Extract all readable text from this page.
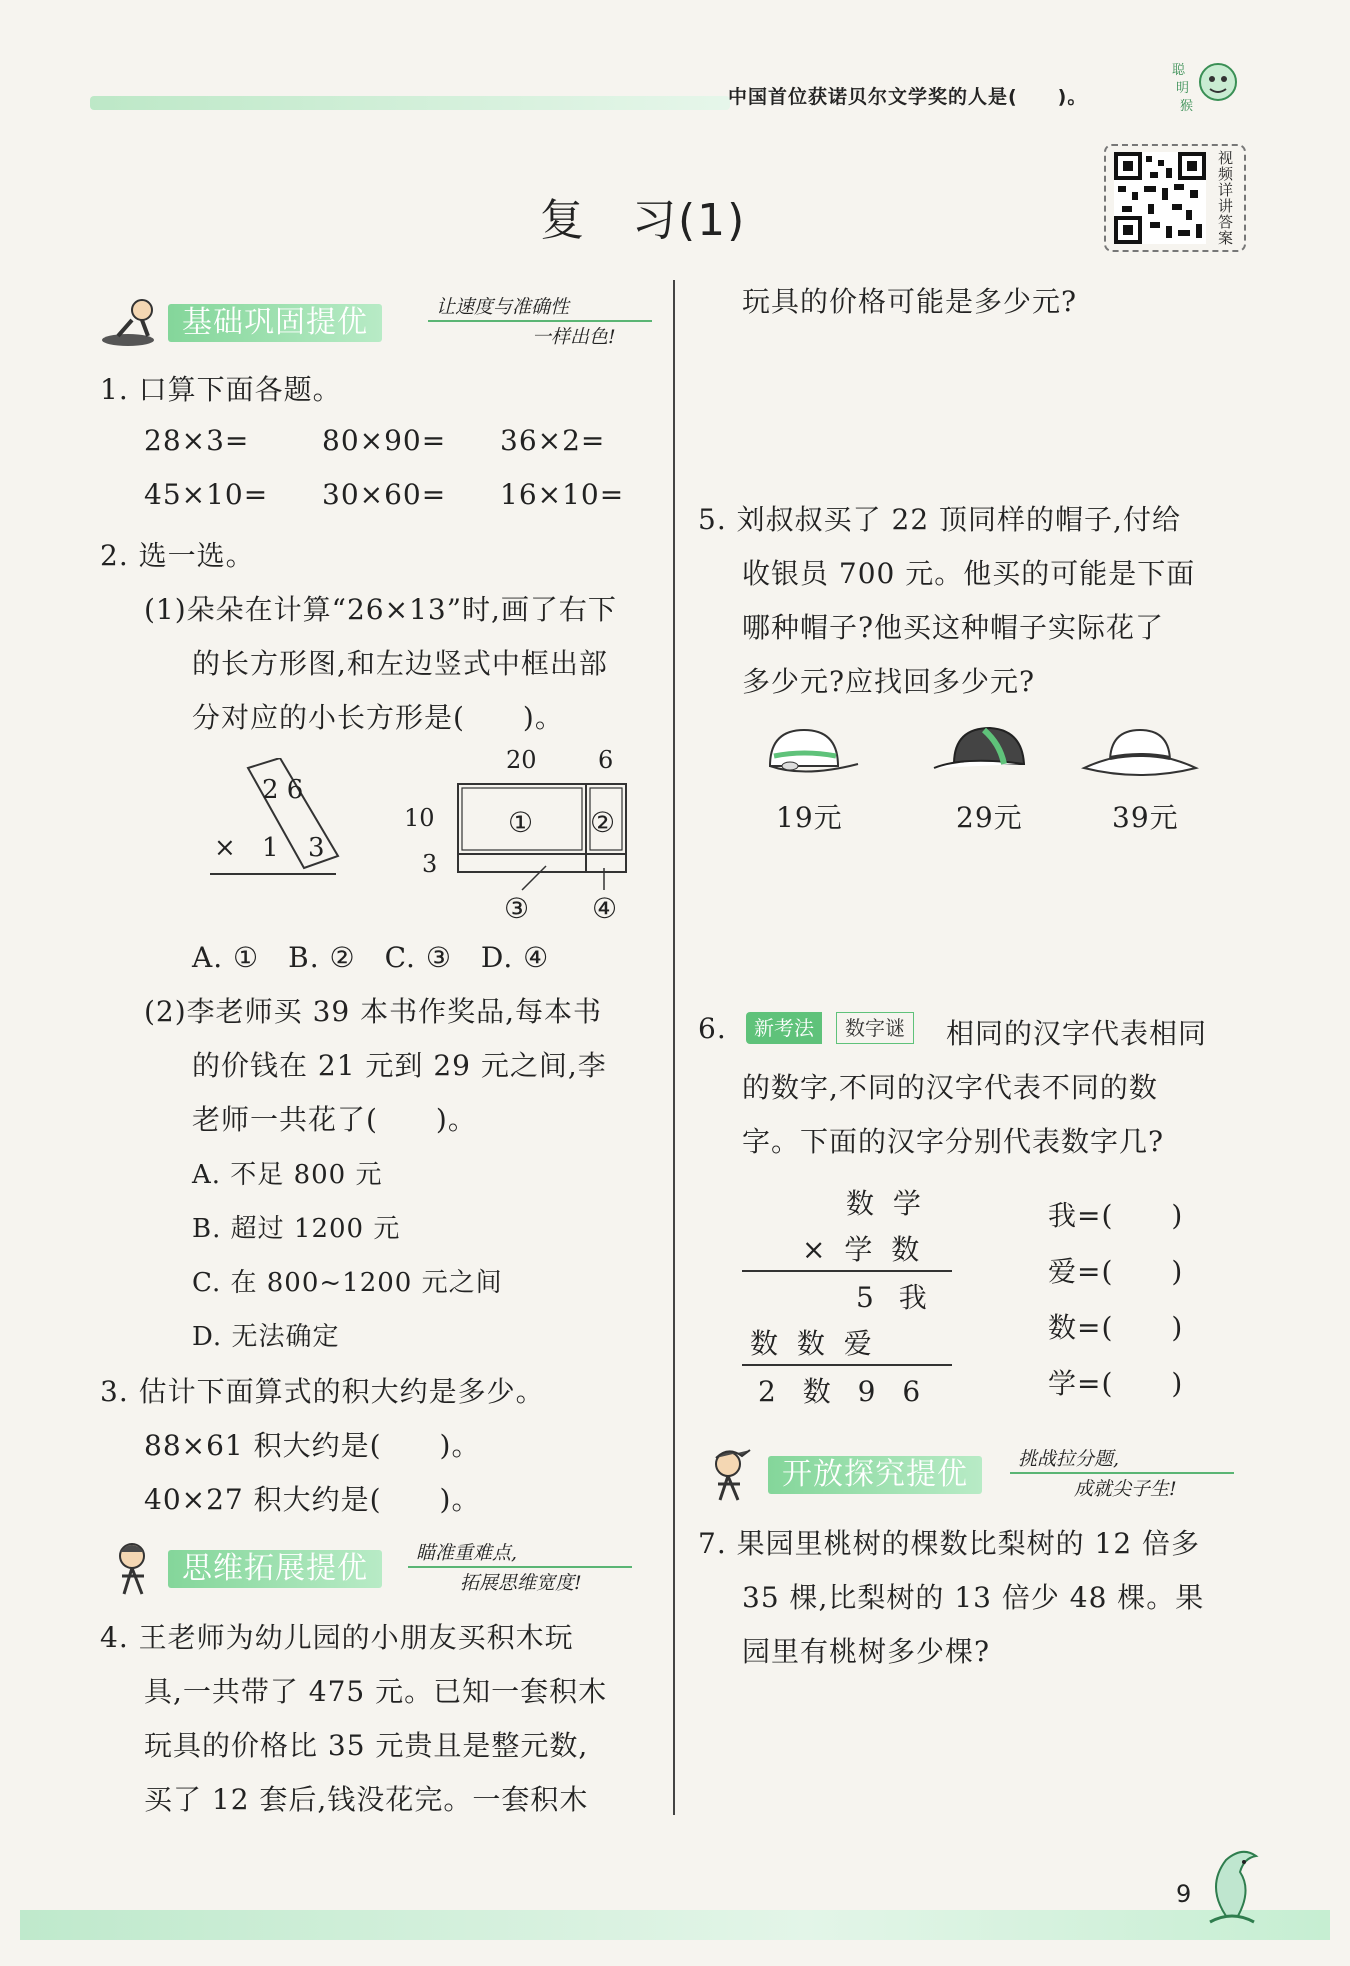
中国首位获诺贝尔文学奖的人是(　　)。
聪
明
猴
复　习(1)
视频详讲答案
基础巩固提优	让速度与准确性
一样出色!
1. 口算下面各题。
28×3=	80×90= 36×2=
45×10= 30×60= 16×10=
2. 选一选。
(1)朵朵在计算“26×13”时,画了右下
的长方形图,和左边竖式中框出部
分对应的小长方形是(　　)。
2 6
× 1 3
20	6
10
3
① ②
③ ④
A. ①　B. ②　C. ③　D. ④
(2)李老师买 39 本书作奖品,每本书
的价钱在 21 元到 29 元之间,李
老师一共花了(　　)。
A. 不足 800 元
B. 超过 1200 元
C. 在 800~1200 元之间
D. 无法确定
3. 估计下面算式的积大约是多少。
88×61 积大约是(　　)。
40×27 积大约是(　　)。
思维拓展提优	瞄准重难点,
拓展思维宽度!
4. 王老师为幼儿园的小朋友买积木玩
具,一共带了 475 元。已知一套积木
玩具的价格比 35 元贵且是整元数,
买了 12 套后,钱没花完。一套积木
玩具的价格可能是多少元?
5. 刘叔叔买了 22 顶同样的帽子,付给
收银员 700 元。他买的可能是下面
哪种帽子?他买这种帽子实际花了
多少元?应找回多少元?
19元	29元	39元
6.	新考法	数字谜	相同的汉字代表相同
的数字,不同的汉字代表不同的数
字。下面的汉字分别代表数字几?
数 学
× 学 数
5 我
数 数 爱
2 数 9 6
我=(　　)
爱=(　　)
数=(　　)
学=(　　)
开放探究提优	挑战拉分题,
成就尖子生!
7. 果园里桃树的棵数比梨树的 12 倍多
35 棵,比梨树的 13 倍少 48 棵。果
园里有桃树多少棵?
9
